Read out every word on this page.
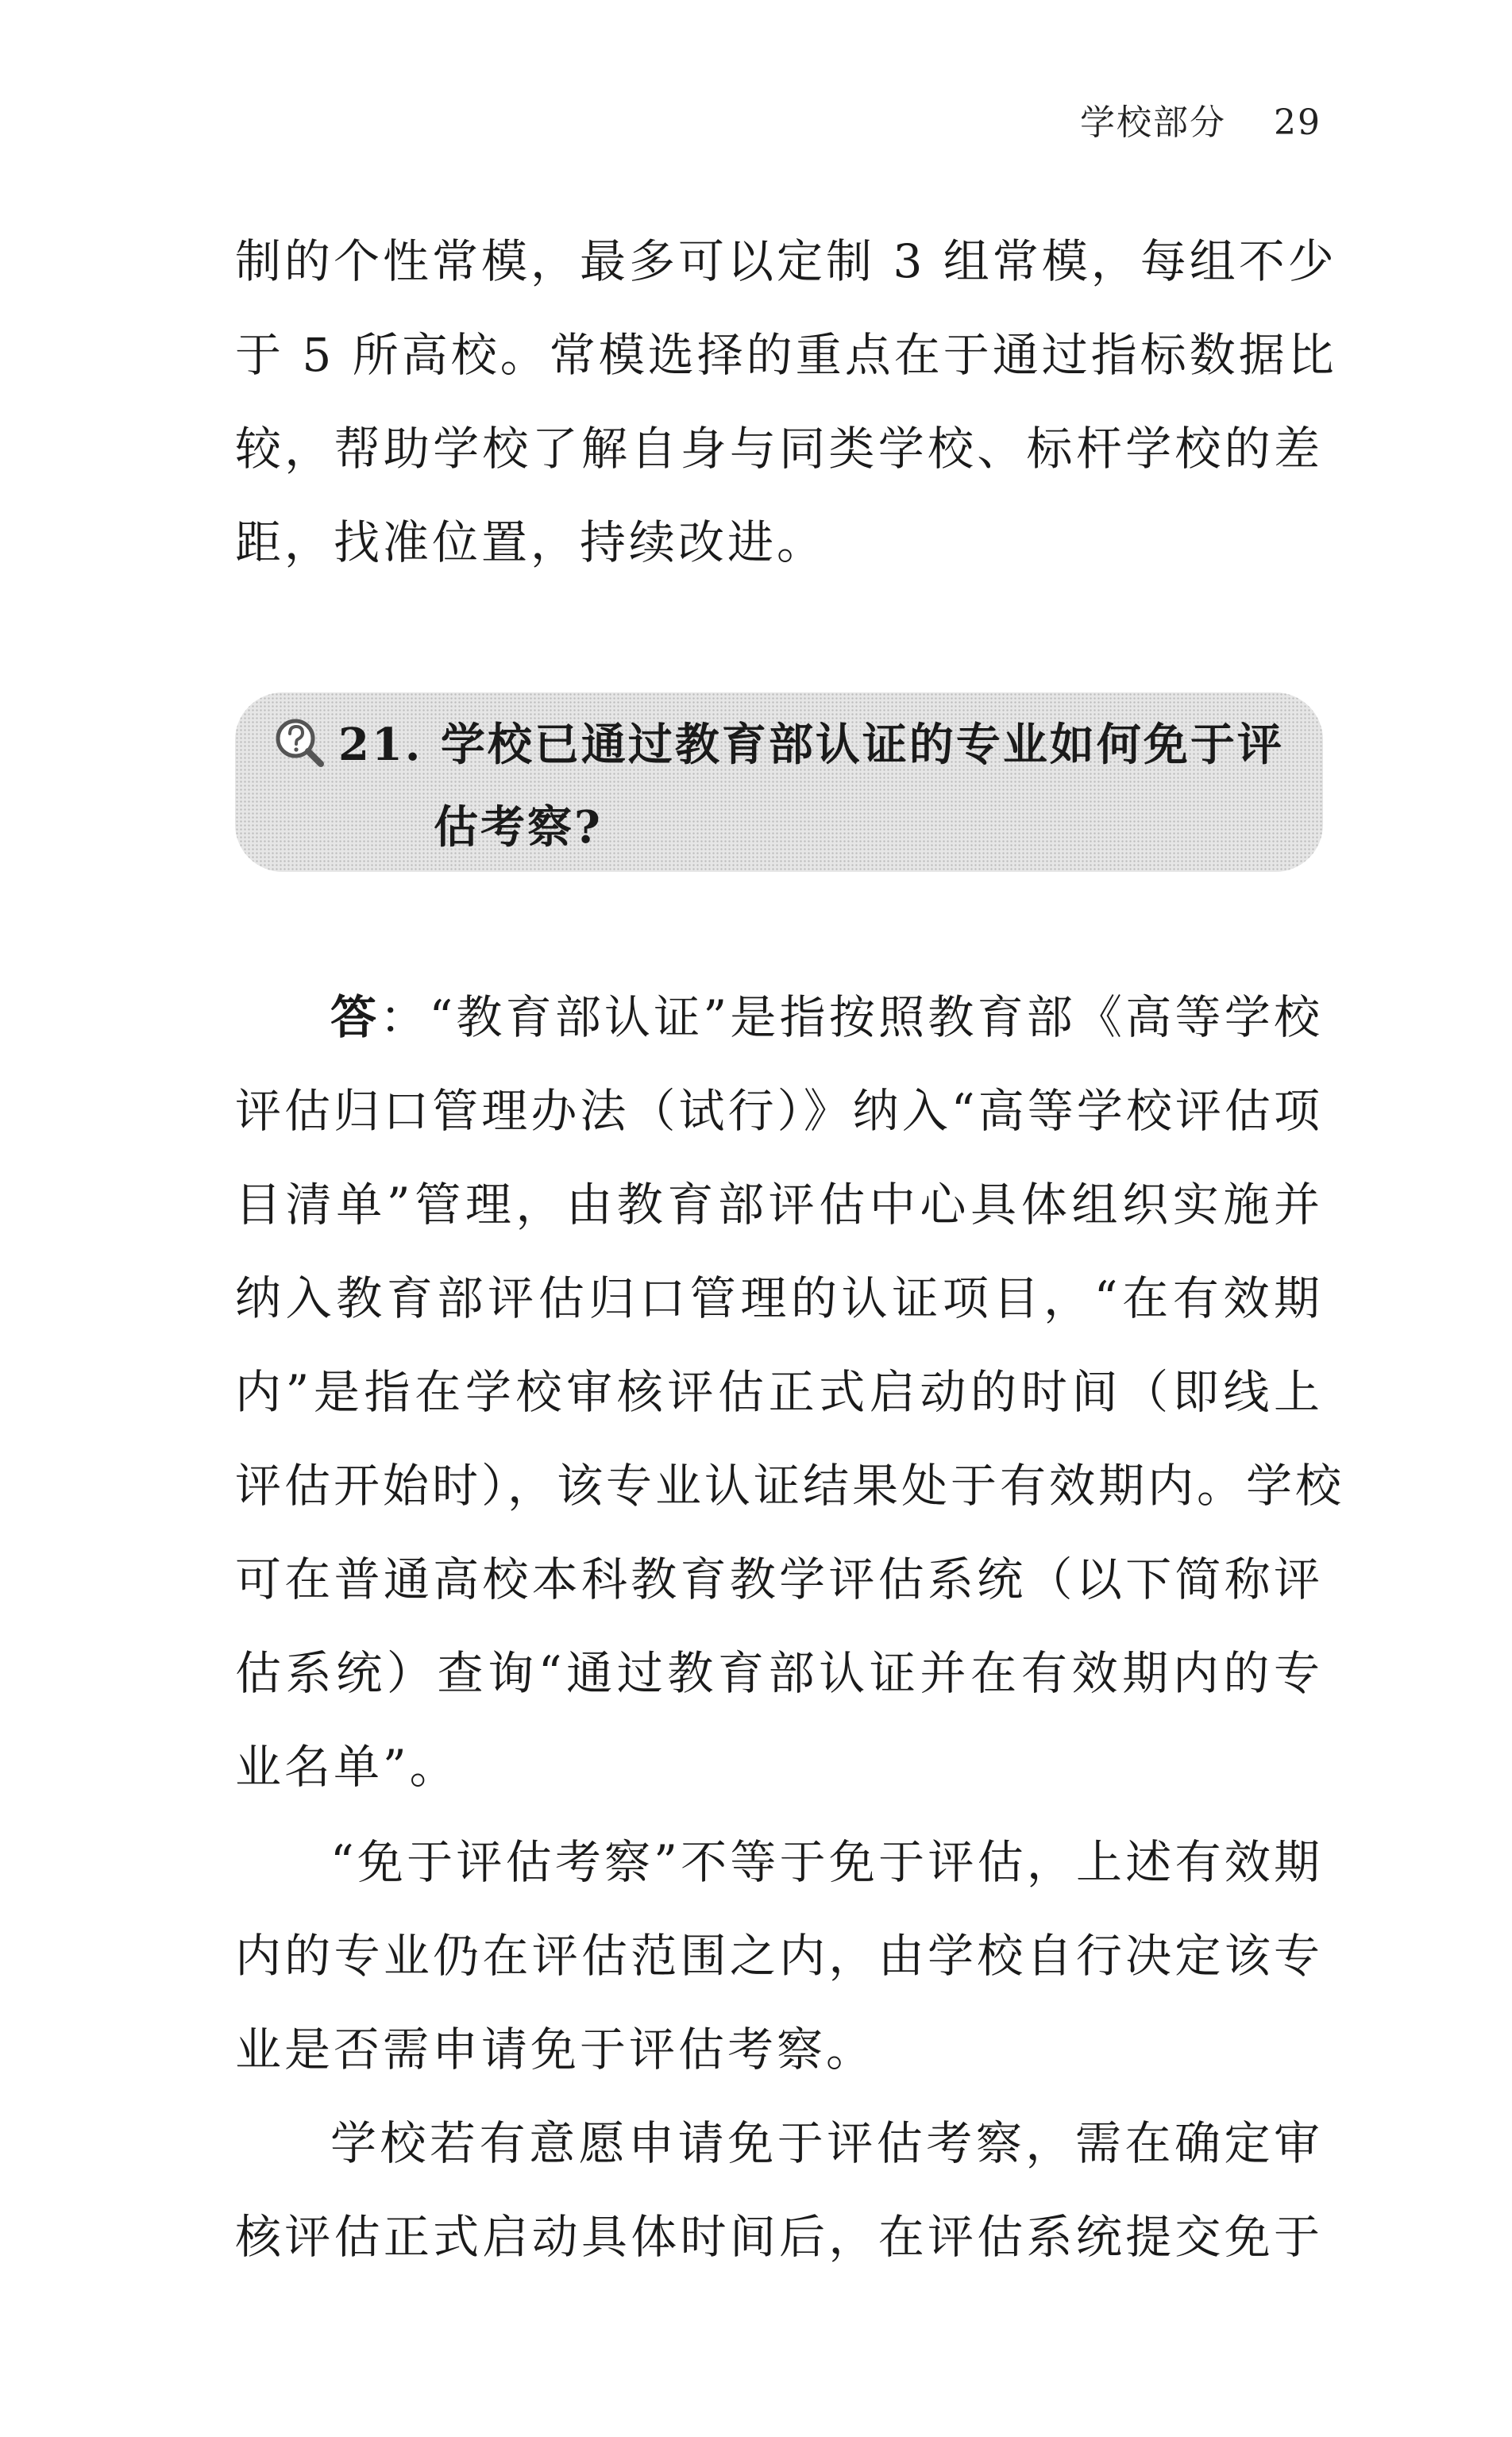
学校部分 29
制的个性常模，最多可以定制 3 组常模，每组不少
于 5 所高校。常模选择的重点在于通过指标数据比
较，帮助学校了解自身与同类学校、标杆学校的差
距，找准位置，持续改进。
21. 学校已通过教育部认证的专业如何免于评
估考察?
答：“教育部认证”是指按照教育部《高等学校
评估归口管理办法（试行）》纳入“高等学校评估项
目清单”管理，由教育部评估中心具体组织实施并
纳入教育部评估归口管理的认证项目，“在有效期
内”是指在学校审核评估正式启动的时间（即线上
评估开始时），该专业认证结果处于有效期内。学校
可在普通高校本科教育教学评估系统（以下简称评
估系统）查询“通过教育部认证并在有效期内的专
业名单”。
“免于评估考察”不等于免于评估，上述有效期
内的专业仍在评估范围之内，由学校自行决定该专
业是否需申请免于评估考察。
学校若有意愿申请免于评估考察，需在确定审
核评估正式启动具体时间后，在评估系统提交免于
